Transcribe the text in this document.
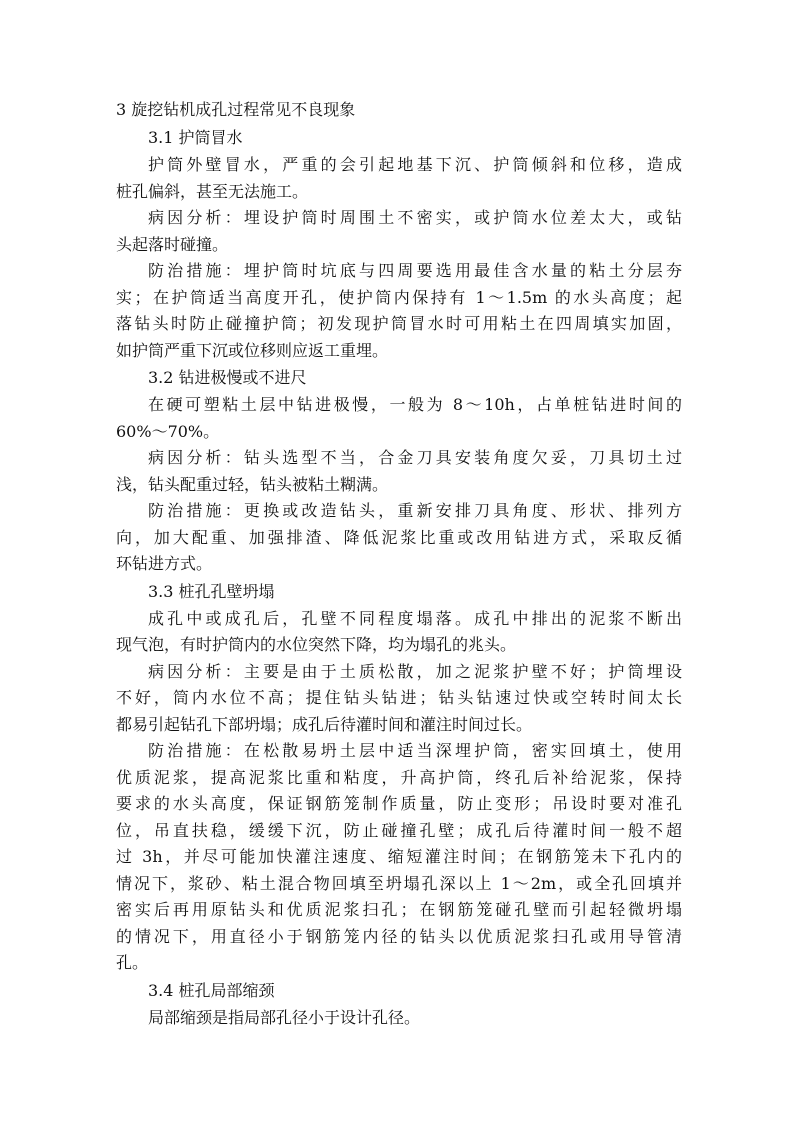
3 旋挖钻机成孔过程常见不良现象
3.1 护筒冒水
护筒外壁冒水，严重的会引起地基下沉、护筒倾斜和位移，造成
桩孔偏斜，甚至无法施工。
病因分析：埋设护筒时周围土不密实，或护筒水位差太大，或钻
头起落时碰撞。
防治措施：埋护筒时坑底与四周要选用最佳含水量的粘土分层夯
实；在护筒适当高度开孔，使护筒内保持有 1～1.5m 的水头高度；起
落钻头时防止碰撞护筒；初发现护筒冒水时可用粘土在四周填实加固，
如护筒严重下沉或位移则应返工重埋。
3.2 钻进极慢或不进尺
在硬可塑粘土层中钻进极慢，一般为 8～10h，占单桩钻进时间的
60%～70%。
病因分析：钻头选型不当，合金刀具安装角度欠妥，刀具切土过
浅，钻头配重过轻，钻头被粘土糊满。
防治措施：更换或改造钻头，重新安排刀具角度、形状、排列方
向，加大配重、加强排渣、降低泥浆比重或改用钻进方式，采取反循
环钻进方式。
3.3 桩孔孔壁坍塌
成孔中或成孔后，孔壁不同程度塌落。成孔中排出的泥浆不断出
现气泡，有时护筒内的水位突然下降，均为塌孔的兆头。
病因分析：主要是由于土质松散，加之泥浆护壁不好；护筒埋设
不好，筒内水位不高；提住钻头钻进；钻头钻速过快或空转时间太长
都易引起钻孔下部坍塌；成孔后待灌时间和灌注时间过长。
防治措施：在松散易坍土层中适当深埋护筒，密实回填土，使用
优质泥浆，提高泥浆比重和粘度，升高护筒，终孔后补给泥浆，保持
要求的水头高度，保证钢筋笼制作质量，防止变形；吊设时要对准孔
位，吊直扶稳，缓缓下沉，防止碰撞孔壁；成孔后待灌时间一般不超
过 3h，并尽可能加快灌注速度、缩短灌注时间；在钢筋笼未下孔内的
情况下，浆砂、粘土混合物回填至坍塌孔深以上 1～2m，或全孔回填并
密实后再用原钻头和优质泥浆扫孔；在钢筋笼碰孔壁而引起轻微坍塌
的情况下，用直径小于钢筋笼内径的钻头以优质泥浆扫孔或用导管清
孔。
3.4 桩孔局部缩颈
局部缩颈是指局部孔径小于设计孔径。
